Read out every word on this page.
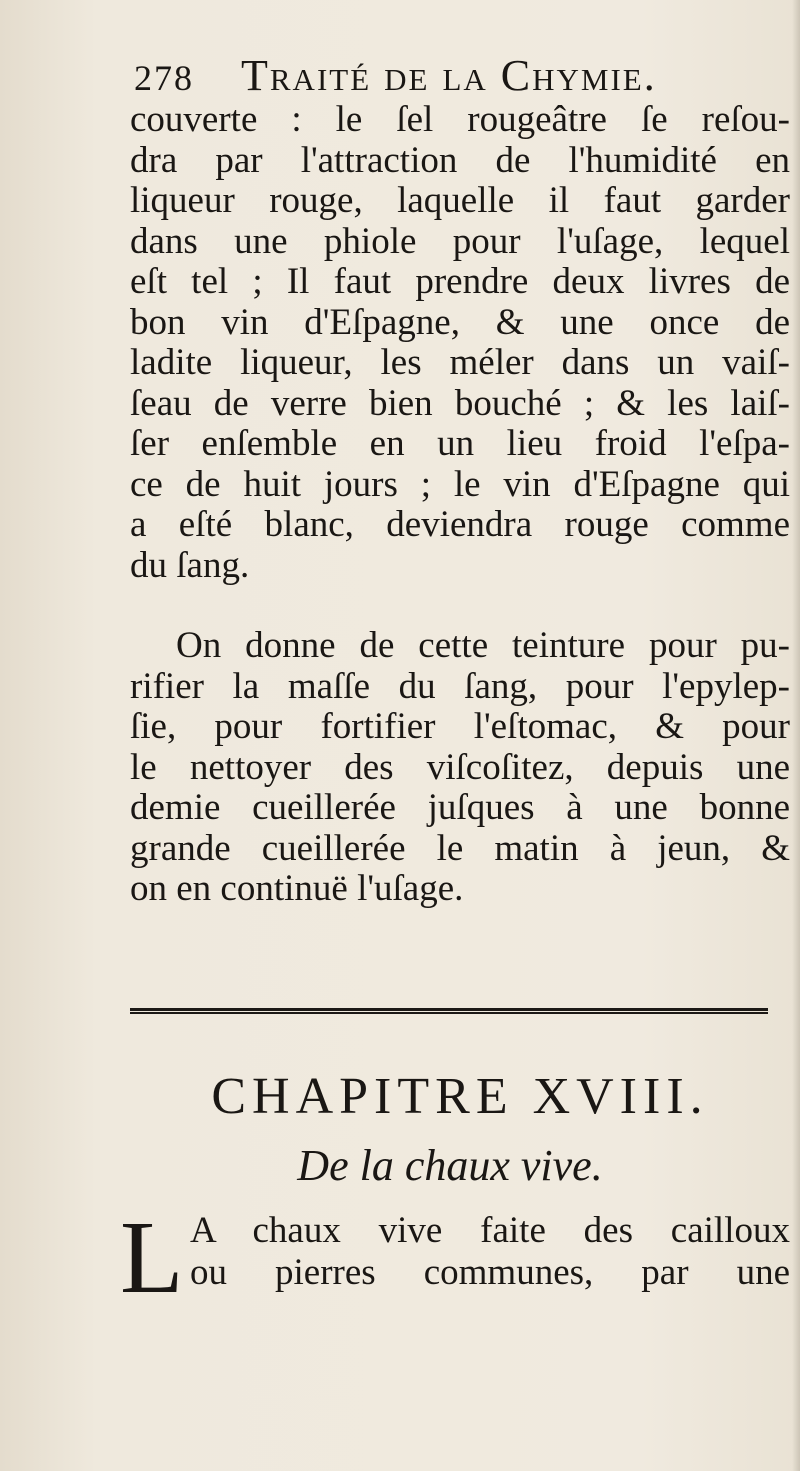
278 Traité de la Chymie.
couverte : le ſel rougeâtre ſe reſou-
dra par l'attraction de l'humidité en
liqueur rouge, laquelle il faut garder
dans une phiole pour l'uſage, lequel
eſt tel ; Il faut prendre deux livres de
bon vin d'Eſpagne, & une once de
ladite liqueur, les méler dans un vaiſ-
ſeau de verre bien bouché ; & les laiſ-
ſer enſemble en un lieu froid l'eſpa-
ce de huit jours ; le vin d'Eſpagne qui
a eſté blanc, deviendra rouge comme
du ſang.
On donne de cette teinture pour pu-
rifier la maſſe du ſang, pour l'epylep-
ſie, pour fortifier l'eſtomac, & pour
le nettoyer des viſcoſitez, depuis une
demie cueillerée juſques à une bonne
grande cueillerée le matin à jeun, &
on en continuë l'uſage.
CHAPITRE XVIII.
De la chaux vive.
L A chaux vive faite des cailloux
ou pierres communes, par une
